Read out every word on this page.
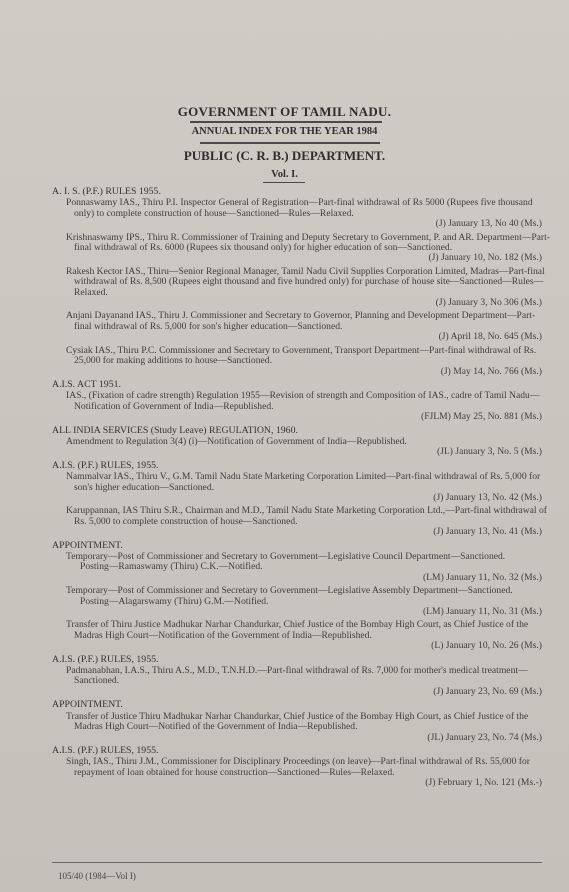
GOVERNMENT OF TAMIL NADU.
ANNUAL INDEX FOR THE YEAR 1984
PUBLIC (C. R. B.) DEPARTMENT.
Vol. I.
A. I. S. (P.F.) RULES 1955.
Ponnaswamy IAS., Thiru P.I. Inspector General of Registration—Part-final withdrawal of Rs 5000 (Rupees five thousand only) to complete construction of house—Sanctioned—Rules—Relaxed.
(J) January 13, No 40 (Ms.)
Krishnaswamy IPS., Thiru R. Commissioner of Training and Deputy Secretary to Government, P. and AR. Department—Part-final withdrawal of Rs. 6000 (Rupees six thousand only) for higher education of son—Sanctioned.
(J) January 10, No. 182 (Ms.)
Rakesh Kector IAS., Thiru—Senior Regional Manager, Tamil Nadu Civil Supplies Corporation Limited, Madras—Part-final withdrawal of Rs. 8,500 (Rupees eight thousand and five hundred only) for purchase of house site—Sanctioned—Rules—Relaxed.
(J) January 3, No 306 (Ms.)
Anjani Dayanand IAS., Thiru J. Commissioner and Secretary to Governor, Planning and Development Department—Part-final withdrawal of Rs. 5,000 for son's higher education—Sanctioned.
(J) April 18, No. 645 (Ms.)
Cysiak IAS., Thiru P.C. Commissioner and Secretary to Government, Transport Department—Part-final withdrawal of Rs. 25,000 for making additions to house—Sanctioned.
(J) May 14, No. 766 (Ms.)
A.I.S. ACT 1951.
IAS., (Fixation of cadre strength) Regulation 1955—Revision of strength and Composition of IAS., cadre of Tamil Nadu—Notification of Government of India—Republished.
(FJLM) May 25, No. 881 (Ms.)
ALL INDIA SERVICES (Study Leave) REGULATION, 1960.
Amendment to Regulation 3(4) (i)—Notification of Government of India—Republished.
(JL) January 3, No. 5 (Ms.)
A.I.S. (P.F.) RULES, 1955.
Nammalvar IAS., Thiru V., G.M. Tamil Nadu State Marketing Corporation Limited—Part-final withdrawal of Rs. 5,000 for son's higher education—Sanctioned.
(J) January 13, No. 42 (Ms.)
Karuppannan, IAS Thiru S.R., Chairman and M.D., Tamil Nadu State Marketing Corporation Ltd.,—Part-final withdrawal of Rs. 5,000 to complete construction of house—Sanctioned.
(J) January 13, No. 41 (Ms.)
APPOINTMENT.
Temporary—Post of Commissioner and Secretary to Government—Legislative Council Department—Sanctioned.
Posting—Ramaswamy (Thiru) C.K.—Notified.
(LM) January 11, No. 32 (Ms.)
Temporary—Post of Commissioner and Secretary to Government—Legislative Assembly Department—Sanctioned.
Posting—Alagarswamy (Thiru) G.M.—Notified.
(LM) January 11, No. 31 (Ms.)
Transfer of Thiru Justice Madhukar Narhar Chandurkar, Chief Justice of the Bombay High Court, as Chief Justice of the Madras High Court—Notification of the Government of India—Republished.
(L) January 10, No. 26 (Ms.)
A.I.S. (P.F.) RULES, 1955.
Padmanabhan, I.A.S., Thiru A.S., M.D., T.N.H.D.—Part-final withdrawal of Rs. 7,000 for mother's medical treatment—Sanctioned.
(J) January 23, No. 69 (Ms.)
APPOINTMENT.
Transfer of Justice Thiru Madhukar Narhar Chandurkar, Chief Justice of the Bombay High Court, as Chief Justice of the Madras High Court—Notified of the Government of India—Republished.
(JL) January 23, No. 74 (Ms.)
A.I.S. (P.F.) RULES, 1955.
Singh, IAS., Thiru J.M., Commissioner for Disciplinary Proceedings (on leave)—Part-final withdrawal of Rs. 55,000 for repayment of loan obtained for house construction—Sanctioned—Rules—Relaxed.
(J) February 1, No. 121 (Ms.-)
105/40 (1984—Vol I)
